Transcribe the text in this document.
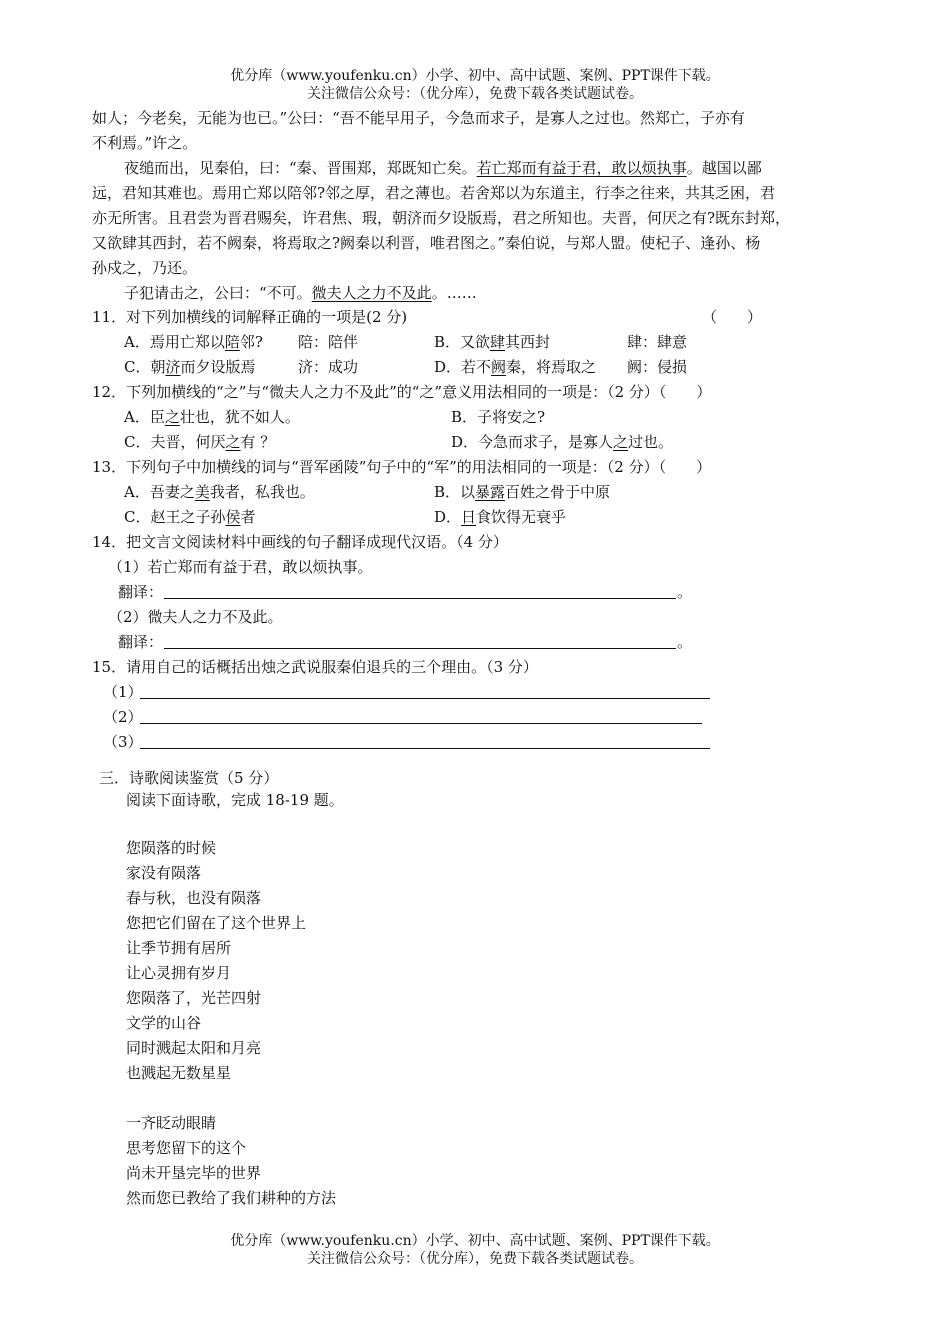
优分库（www.youfenku.cn）小学、初中、高中试题、案例、PPT课件下载。
关注微信公众号：（优分库），免费下载各类试题试卷。
如人；今老矣，无能为也已。”公曰：“吾不能早用子，今急而求子，是寡人之过也。然郑亡，子亦有
不利焉。”许之。
夜缒而出，见秦伯，曰：“秦、晋围郑，郑既知亡矣。若亡郑而有益于君，敢以烦执事。越国以鄙
远，君知其难也。焉用亡郑以陪邻?邻之厚，君之薄也。若舍郑以为东道主，行李之往来，共其乏困，君
亦无所害。且君尝为晋君赐矣，许君焦、瑕，朝济而夕设版焉，君之所知也。夫晋，何厌之有?既东封郑，
又欲肆其西封，若不阙秦，将焉取之?阙秦以利晋，唯君图之。”秦伯说，与郑人盟。使杞子、逢孙、杨
孙戍之，乃还。
子犯请击之，公曰：“不可。微夫人之力不及此。……
11．对下列加横线的词解释正确的一项是(2 分)	（　　）
A．焉用亡郑以陪邻? 陪：陪伴	B．又欲肆其西封	肆：肆意
C．朝济而夕设版焉	济：成功	D．若不阙秦，将焉取之 阙：侵损
12．下列加横线的“之”与“微夫人之力不及此”的“之”意义用法相同的一项是：（2 分）（　　）
A．臣之壮也，犹不如人。	B．子将安之?
C．夫晋，何厌之有 ？	D．今急而求子，是寡人之过也。
13．下列句子中加横线的词与“晋军函陵”句子中的“军”的用法相同的一项是：（2 分）（　　）
A．吾妻之美我者，私我也。	B．以暴露百姓之骨于中原
C．赵王之子孙侯者	D．日食饮得无衰乎
14．把文言文阅读材料中画线的句子翻译成现代汉语。（4 分）
（1）若亡郑而有益于君，敢以烦执事。
翻译：	。
（2）微夫人之力不及此。
翻译：	。
15．请用自己的话概括出烛之武说服秦伯退兵的三个理由。（3 分）
（1）
（2）
（3）
三．诗歌阅读鉴赏（5 分）
阅读下面诗歌，完成 18-19 题。
您陨落的时候
家没有陨落
春与秋，也没有陨落
您把它们留在了这个世界上
让季节拥有居所
让心灵拥有岁月
您陨落了，光芒四射
文学的山谷
同时溅起太阳和月亮
也溅起无数星星
一齐眨动眼睛
思考您留下的这个
尚未开垦完毕的世界
然而您已教给了我们耕种的方法
优分库（www.youfenku.cn）小学、初中、高中试题、案例、PPT课件下载。
关注微信公众号：（优分库），免费下载各类试题试卷。
